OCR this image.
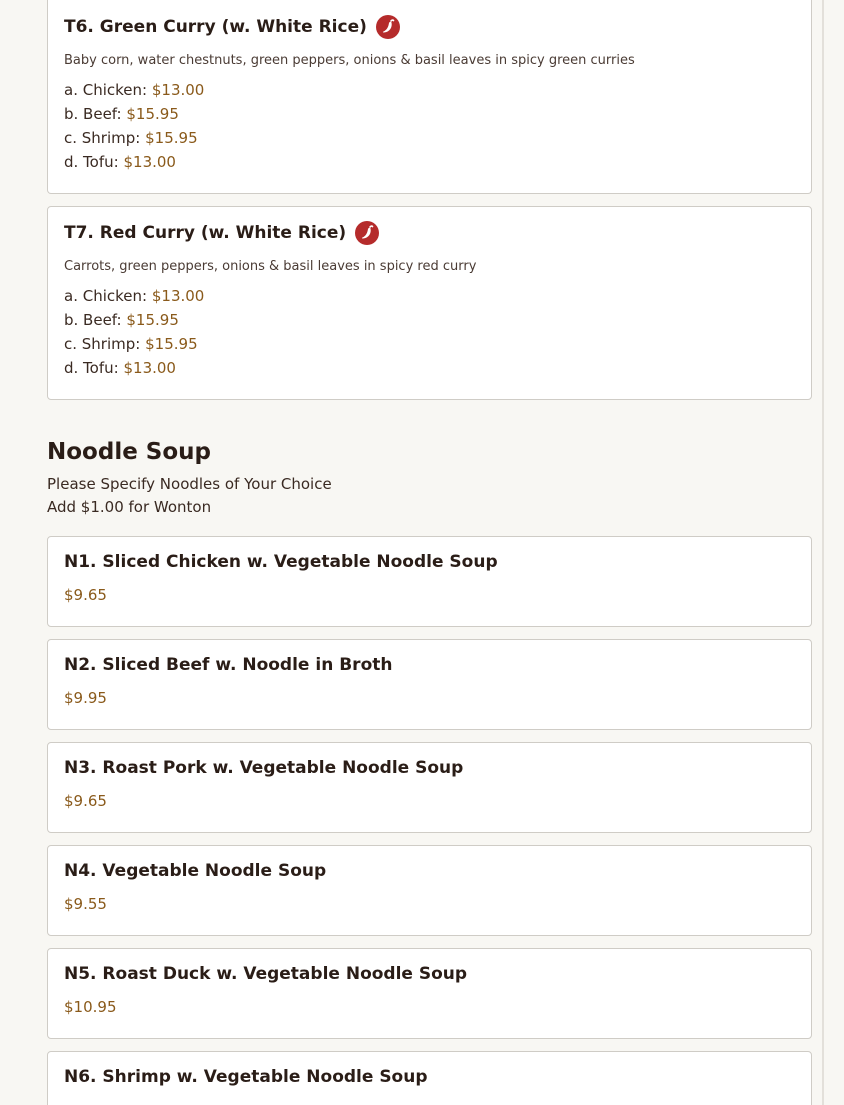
T6. Green Curry (w. White Rice)
Baby corn, water chestnuts, green peppers, onions & basil leaves in spicy green curries
a. Chicken: $13.00
b. Beef: $15.95
c. Shrimp: $15.95
d. Tofu: $13.00
T7. Red Curry (w. White Rice)
Carrots, green peppers, onions & basil leaves in spicy red curry
a. Chicken: $13.00
b. Beef: $15.95
c. Shrimp: $15.95
d. Tofu: $13.00
Noodle Soup
Please Specify Noodles of Your Choice
Add $1.00 for Wonton
N1. Sliced Chicken w. Vegetable Noodle Soup
$9.65
N2. Sliced Beef w. Noodle in Broth
$9.95
N3. Roast Pork w. Vegetable Noodle Soup
$9.65
N4. Vegetable Noodle Soup
$9.55
N5. Roast Duck w. Vegetable Noodle Soup
$10.95
N6. Shrimp w. Vegetable Noodle Soup
